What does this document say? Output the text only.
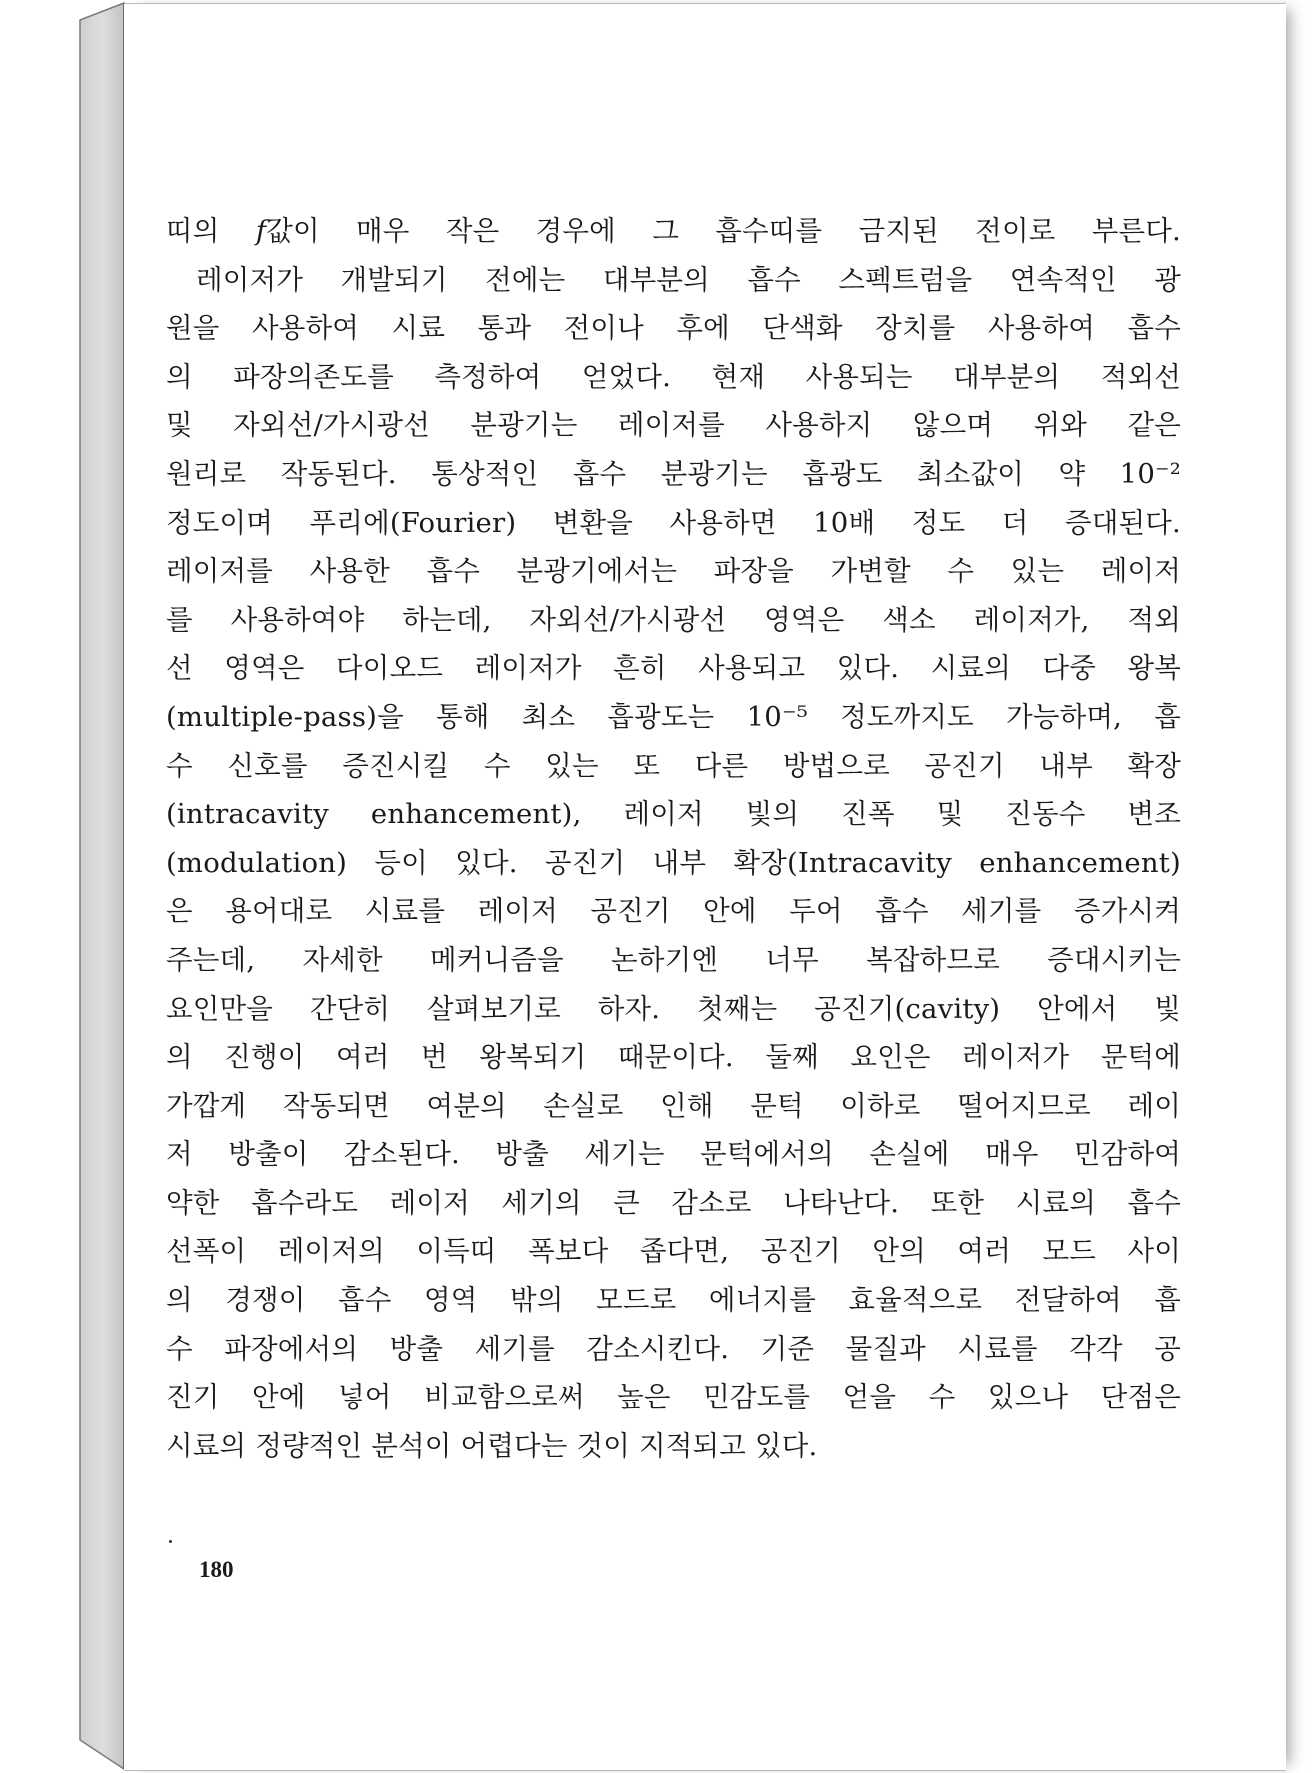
띠의 𝑓값이 매우 작은 경우에 그 흡수띠를 금지된 전이로 부른다.
레이저가 개발되기 전에는 대부분의 흡수 스펙트럼을 연속적인 광
원을 사용하여 시료 통과 전이나 후에 단색화 장치를 사용하여 흡수
의 파장의존도를 측정하여 얻었다. 현재 사용되는 대부분의 적외선
및 자외선/가시광선 분광기는 레이저를 사용하지 않으며 위와 같은
원리로 작동된다. 통상적인 흡수 분광기는 흡광도 최소값이 약 10⁻²
정도이며 푸리에(Fourier) 변환을 사용하면 10배 정도 더 증대된다.
레이저를 사용한 흡수 분광기에서는 파장을 가변할 수 있는 레이저
를 사용하여야 하는데, 자외선/가시광선 영역은 색소 레이저가, 적외
선 영역은 다이오드 레이저가 흔히 사용되고 있다. 시료의 다중 왕복
(multiple-pass)을 통해 최소 흡광도는 10⁻⁵ 정도까지도 가능하며, 흡
수 신호를 증진시킬 수 있는 또 다른 방법으로 공진기 내부 확장
(intracavity enhancement), 레이저 빛의 진폭 및 진동수 변조
(modulation) 등이 있다. 공진기 내부 확장(Intracavity enhancement)
은 용어대로 시료를 레이저 공진기 안에 두어 흡수 세기를 증가시켜
주는데, 자세한 메커니즘을 논하기엔 너무 복잡하므로 증대시키는
요인만을 간단히 살펴보기로 하자. 첫째는 공진기(cavity) 안에서 빛
의 진행이 여러 번 왕복되기 때문이다. 둘째 요인은 레이저가 문턱에
가깝게 작동되면 여분의 손실로 인해 문턱 이하로 떨어지므로 레이
저 방출이 감소된다. 방출 세기는 문턱에서의 손실에 매우 민감하여
약한 흡수라도 레이저 세기의 큰 감소로 나타난다. 또한 시료의 흡수
선폭이 레이저의 이득띠 폭보다 좁다면, 공진기 안의 여러 모드 사이
의 경쟁이 흡수 영역 밖의 모드로 에너지를 효율적으로 전달하여 흡
수 파장에서의 방출 세기를 감소시킨다. 기준 물질과 시료를 각각 공
진기 안에 넣어 비교함으로써 높은 민감도를 얻을 수 있으나 단점은
시료의 정량적인 분석이 어렵다는 것이 지적되고 있다.
180
